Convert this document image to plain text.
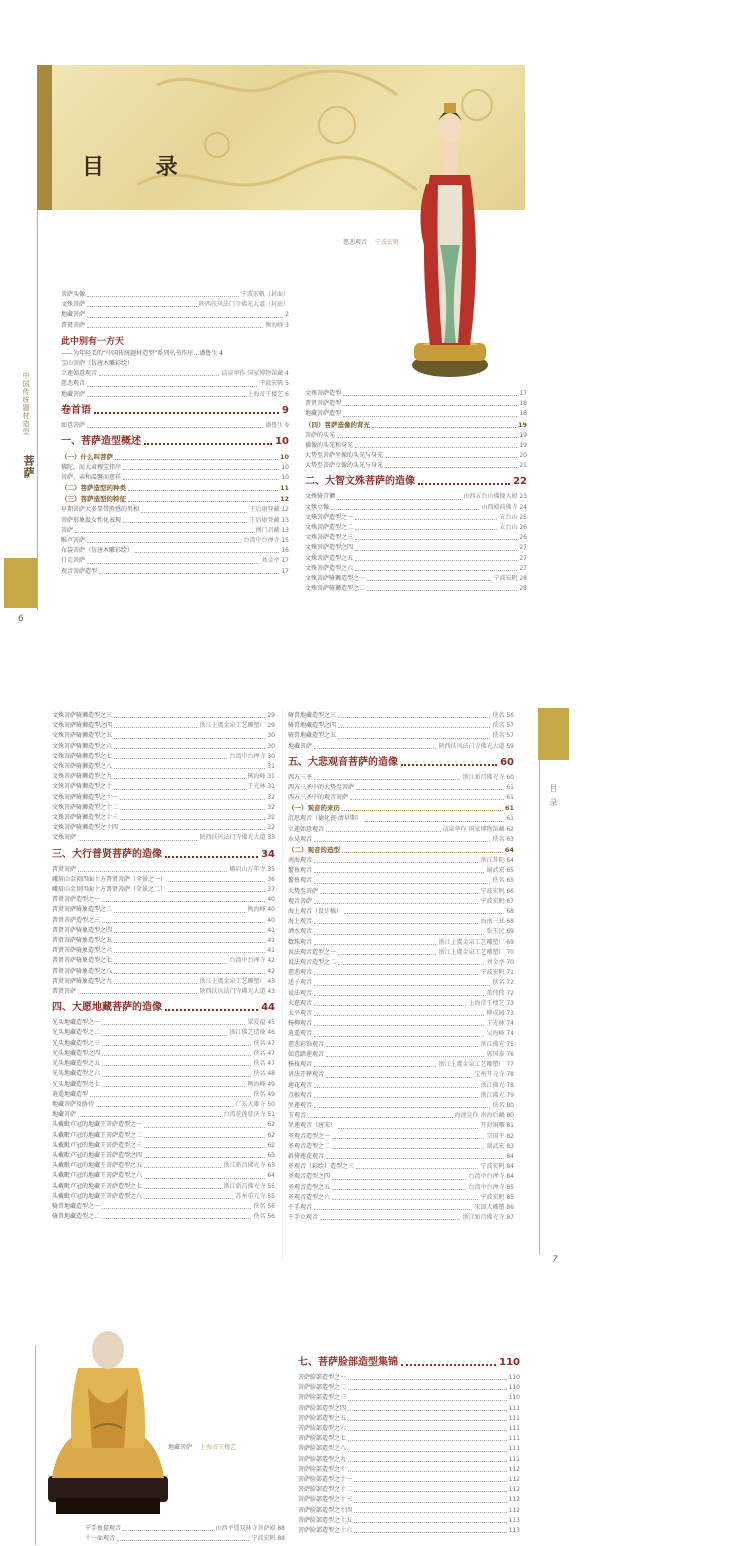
目 录
慈悲观音 宁波宏帆
菩萨头像	宁波宏帆（封面）
文殊菩萨	陕西扶风法门寺佛光大道（封底）
地藏菩萨	2
普贤菩萨	衡海峰 3
此中别有一方天
——为年轻美的“中国传统题材造型”系列丛书作序…潘鲁生 4
宝山菩萨（仿唐木雕彩绘）
立莲如意观音	洁泉华作 国家博物馆藏 4
慈悲观音	宁波宏帆 5
地藏菩萨	上海帝王楼艺 6
卷首语	9
如意菩萨	潘鲁生 9
一、菩萨造型概述	10
（一）什么叫菩萨	10
佛陀，而大肃穆宝伟岸	10
菩萨，亲和温馨而慈祥	10
（二）菩萨造型的种类	11
（三）菩萨造型的特征	12
早期菩萨大多显带胜感的男相	王后康登藏 12
菩萨形象汲女性化表现	王后康登藏 13
菩萨	澳门君藏 13
唯卢菩萨	台湾中台禅寺 15
布袋菩萨（仿唐木雕彩绘）	16
行走菩萨	刘金亭 17
观音菩萨造型	17
文殊菩萨造型	17
普贤菩萨造型	18
地藏菩萨造型	18
（四）菩萨造像的背光	19
菩萨的头光	19
佛像的头光和身光	19
大势至菩萨坐像的头光与身光	20
大势至菩萨立像的头光与身光	21
二、大智文殊菩萨的造像	22
文殊骑青狮	山西五台山佛像大殿 23
文殊立像	山西殿前佛寺 24
文殊菩萨造型之一	五台山 25
文殊菩萨造型之二	五台山 26
文殊菩萨造型之三	26
文殊菩萨造型之四	27
文殊菩萨造型之五	27
文殊菩萨造型之六	27
文殊菩萨骑狮造型之一	宁波宏帆 28
文殊菩萨骑狮造型之二	28
中国传统题材造型
菩萨
6
文殊菩萨骑狮造型之三	29
文殊菩萨骑狮造型之四	浙江上虞金泉工艺雕塑厂 29
文殊菩萨骑狮造型之五	30
文殊菩萨骑狮造型之六	30
文殊菩萨骑狮造型之七	台湾中台禅寺 30
文殊菩萨骑狮造型之八	31
文殊菩萨骑狮造型之九	衡海峰 31
文殊菩萨骑狮造型之十	王光林 31
文殊菩萨骑狮造型之十一	32
文殊菩萨骑狮造型之十二	32
文殊菩萨骑狮造型之十三	32
文殊菩萨骑狮造型之十四	32
文殊菩萨	陕西扶风法门寺佛光大道 33
三、大行普贤菩萨的造像	34
普贤菩萨	峨眉山万年寺 35
峨眉山金顶四面十方普贤菩萨（全景之一）	36
峨眉山金顶四面十方普贤菩萨（全景之二）	37
普贤菩萨造型之一	40
普贤菩萨骑象造型之二	衡海峰 40
普贤菩萨造型之三	40
普贤菩萨骑象造型之四	41
普贤菩萨骑象造型之五	41
普贤菩萨骑象造型之六	41
普贤菩萨骑象造型之七	台湾中台禅寺 42
普贤菩萨骑象造型之八	42
普贤菩萨骑象造型之九	浙江上虞金泉工艺雕塑厂 43
普贤菩萨	陕西扶风法门寺佛光大道 43
四、大愿地藏菩萨的造像	44
光头地藏造型之一	梁爱福 45
光头地藏造型之二	浙江佛艺造像 46
光头地藏造型之三	佚名 47
光头地藏造型之四	佚名 47
光头地藏造型之五	佚名 47
光头地藏造型之六	佚名 48
光头地藏造型之七	衡海峰 49
逍遥地藏造型	佚名 49
地藏菩萨及胁侍	广东大雄寺 50
地藏菩萨	台湾花莲慈济寺 51
头戴毗卢冠的地藏王菩萨造型之一	62
头戴毗卢冠的地藏王菩萨造型之二	62
头戴毗卢冠的地藏王菩萨造型之三	62
头戴毗卢冠的地藏王菩萨造型之四	63
头戴毗卢冠的地藏王菩萨造型之五	浙江新昌佛光寺 63
头戴毗卢冠的地藏王菩萨造型之六	64
头戴毗卢冠的地藏王菩萨造型之七	浙江新昌佛光寺 55
头戴毗卢冠的地藏王菩萨造型之八	苏州重元寺 55
骑兽地藏造型之一	佚名 56
骑兽地藏造型之二	佚名 56
骑兽地藏造型之三	佚名 56
骑兽地藏造型之四	佚名 57
骑兽地藏造型之五	佚名 57
地藏菩萨	陕西扶风法门寺佛光大道 59
五、大悲观音菩萨的造像	60
西方三圣	浙江新昌佛光寺 60
西方三圣中的大势至菩萨	61
西方三圣中的观音菩萨	61
（一）观音的来历	61
沉思观音（德化瓷·清早期）	61
立莲如意观音	洁泉华作 国家博物馆藏 62
水晃观音	佚名 63
（二）观音的造型	64
南海观音	浙江普陀 64
鳌鱼观音	谢武宏 65
鳌鱼观音	佚名 65
大势至菩萨	宁波宏帆 66
观音菩萨	宁波宏帆 67
海上观音（设计稿）	68
海上观音	海南三亚 68
洒水观音	张玉民 69
数珠观音	浙江上虞金泉工艺雕塑厂 69
说法观音造型之一	浙江上虞金泉工艺雕塑厂 70
说法观音造型之二	刘金亭 70
慈悲观音	宁波宏帆 71
送子观音	佚名 72
说法观音	董伟伟 72
大慈观音	上海帝王楼艺 73
太平观音	柳成园 73
杨柳观音	王光林 74
逍遥观音	吴海峰 74
慈悲彩饰观音	浙江佛光 75
如意踏莲观音	郭国泰 76
杨枝观音	浙江上虞金泉工艺雕塑厂 77
讲法开释观音	宝州开元寺 78
莲花观音	浙江佛光 78
点猴观音	浙江佛光 79
坐莲观音	佚名 80
玉观音	海池竞作 南海后藏 80
坐莲观音（唐宋）	开封铜雕 81
圣观音造型之一	宗国平 82
圣观音造型之二	谢武宏 83
斜倚莲花观音	84
圣观音（彩绘）造型之三	宁波宏帆 84
圣观音造型之四	台湾中台禅寺 84
圣观音造型之五	台湾中台禅寺 85
圣观音造型之六	宁波宏帆 85
千手观音	宋郎大雕塑 86
千手立观音	浙江新昌佛光寺 87
目录
7
地藏菩萨 上海帝王楼艺
千手鱼提观音	山西平遥双林寺菩萨殿 88
十一面观音	宁波宏帆 88
七、菩萨脸部造型集锦	110
菩萨脸部造型之一	110
菩萨脸部造型之二	110
菩萨脸部造型之三	110
菩萨脸部造型之四	111
菩萨脸部造型之五	111
菩萨脸部造型之六	111
菩萨脸部造型之七	111
菩萨脸部造型之八	111
菩萨脸部造型之九	111
菩萨脸部造型之十	112
菩萨脸部造型之十一	112
菩萨脸部造型之十二	112
菩萨脸部造型之十三	112
菩萨脸部造型之十四	112
菩萨脸部造型之十五	113
菩萨脸部造型之十六	113
